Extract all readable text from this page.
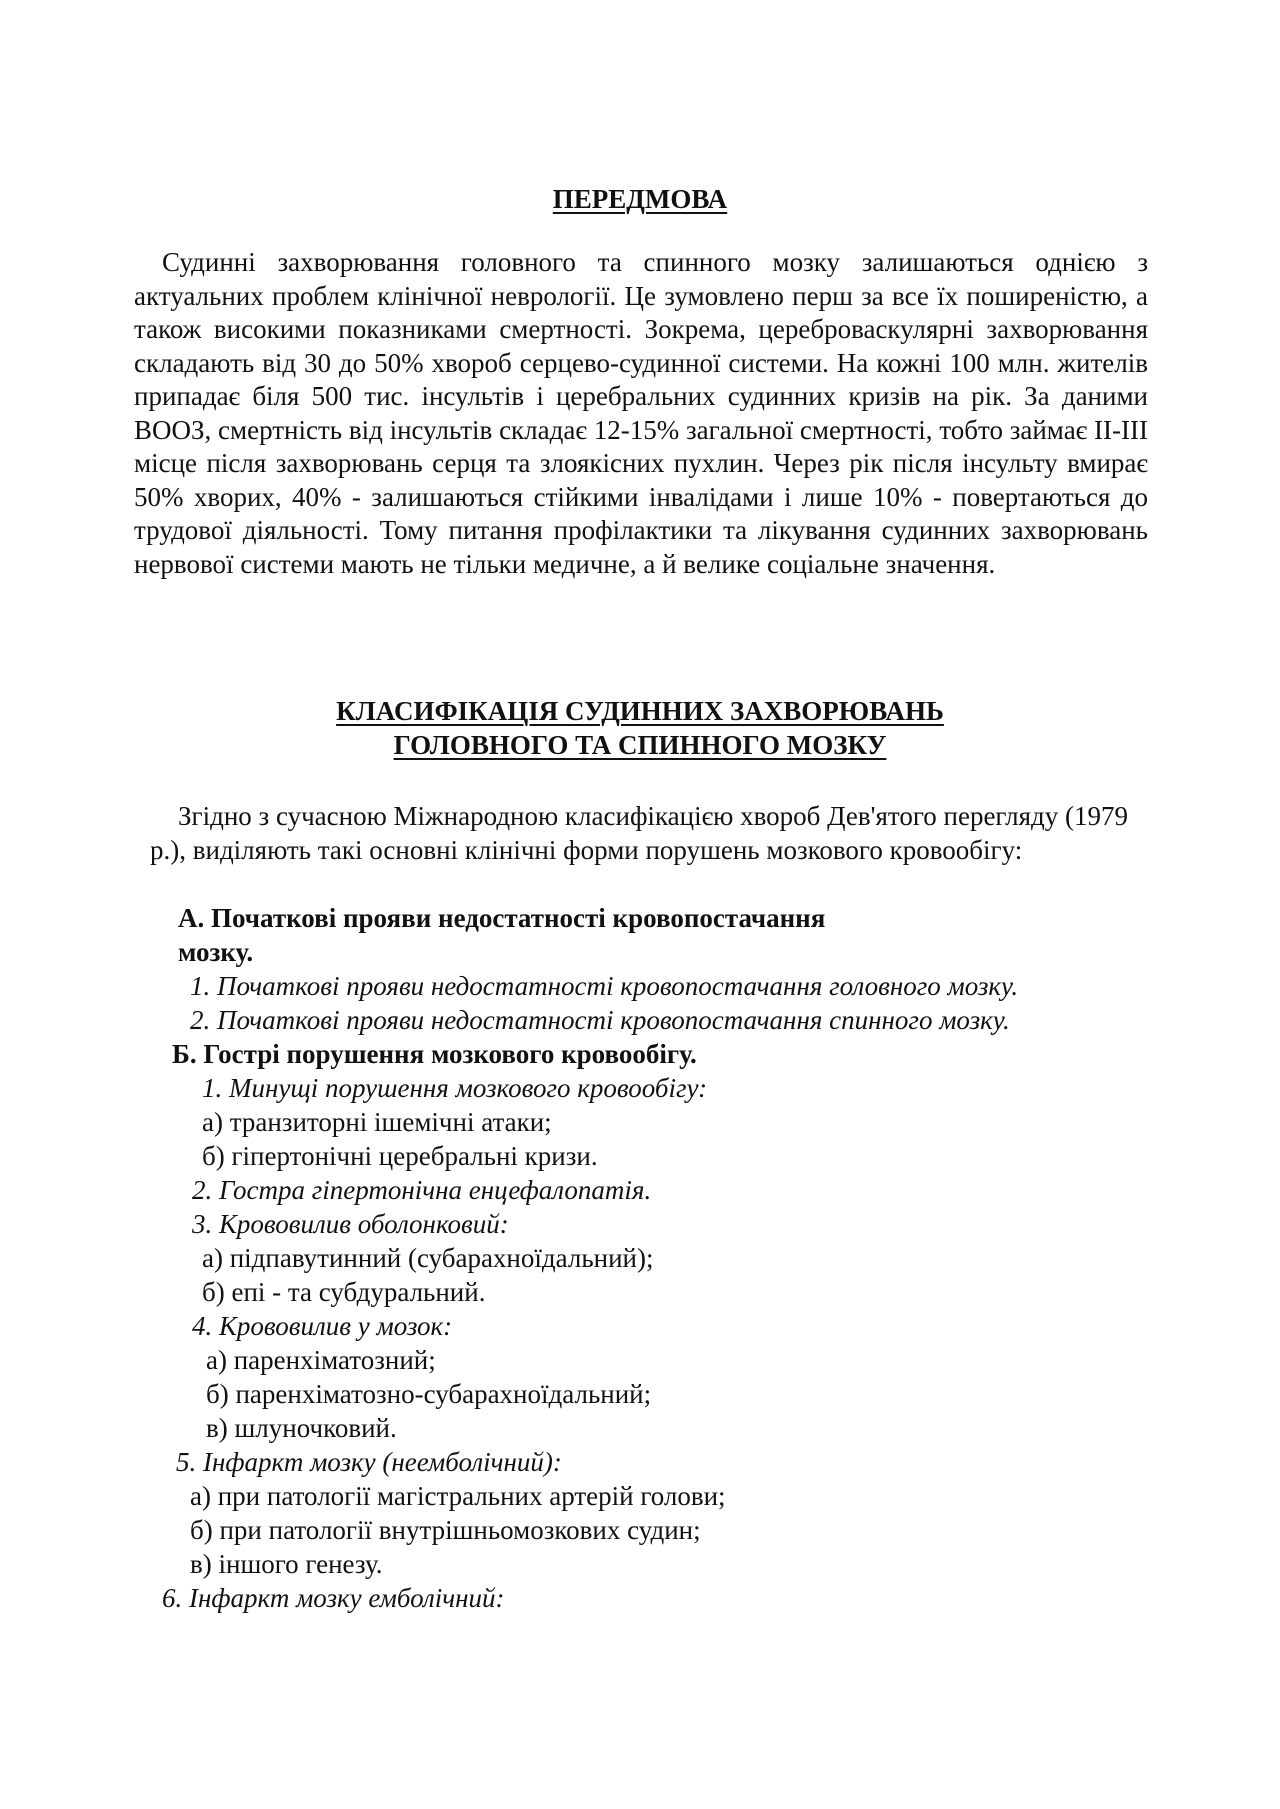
ПЕРЕДМОВА
Судинні захворювання головного та спинного мозку залишаються однією з актуальних проблем клінічної неврології. Це зумовлено перш за все їх поширеністю, а також високими показниками смертності. Зокрема, цереброваскулярні захворювання складають від 30 до 50% хвороб серцево-судинної системи. На кожні 100 млн. жителів припадає біля 500 тис. інсультів і церебральних судинних кризів на рік. За даними ВООЗ, смертність від інсультів складає 12-15% загальної смертності, тобто займає II-III місце після захворювань серця та злоякісних пухлин. Через рік після інсульту вмирає 50% хворих, 40% - залишаються стійкими інвалідами і лише 10% - повертаються до трудової діяльності. Тому питання профілактики та лікування судинних захворювань нервової системи мають не тільки медичне, а й велике соціальне значення.
КЛАСИФІКАЦІЯ СУДИННИХ ЗАХВОРЮВАНЬ
ГОЛОВНОГО ТА СПИННОГО МОЗКУ
Згідно з сучасною Міжнародною класифікацією хвороб Дев'ятого перегляду (1979 р.), виділяють такі основні клінічні форми порушень мозкового кровообігу:
А. Початкові прояви недостатності кровопостачання
мозку.
1. Початкові прояви недостатності кровопостачання головного мозку.
2. Початкові прояви недостатності кровопостачання спинного мозку.
Б. Гострі порушення мозкового кровообігу.
1. Минущі порушення мозкового кровообігу:
а) транзиторні ішемічні атаки;
б) гіпертонічні церебральні кризи.
2. Гостра гіпертонічна енцефалопатія.
3. Крововилив оболонковий:
а) підпавутинний (субарахноїдальний);
б) епі - та субдуральний.
4. Крововилив у мозок:
а) паренхіматозний;
б) паренхіматозно-субарахноїдальний;
в) шлуночковий.
5. Інфаркт мозку (неемболічний):
а) при патології магістральних артерій голови;
б) при патології внутрішньомозкових судин;
в) іншого генезу.
6. Інфаркт мозку емболічний:
